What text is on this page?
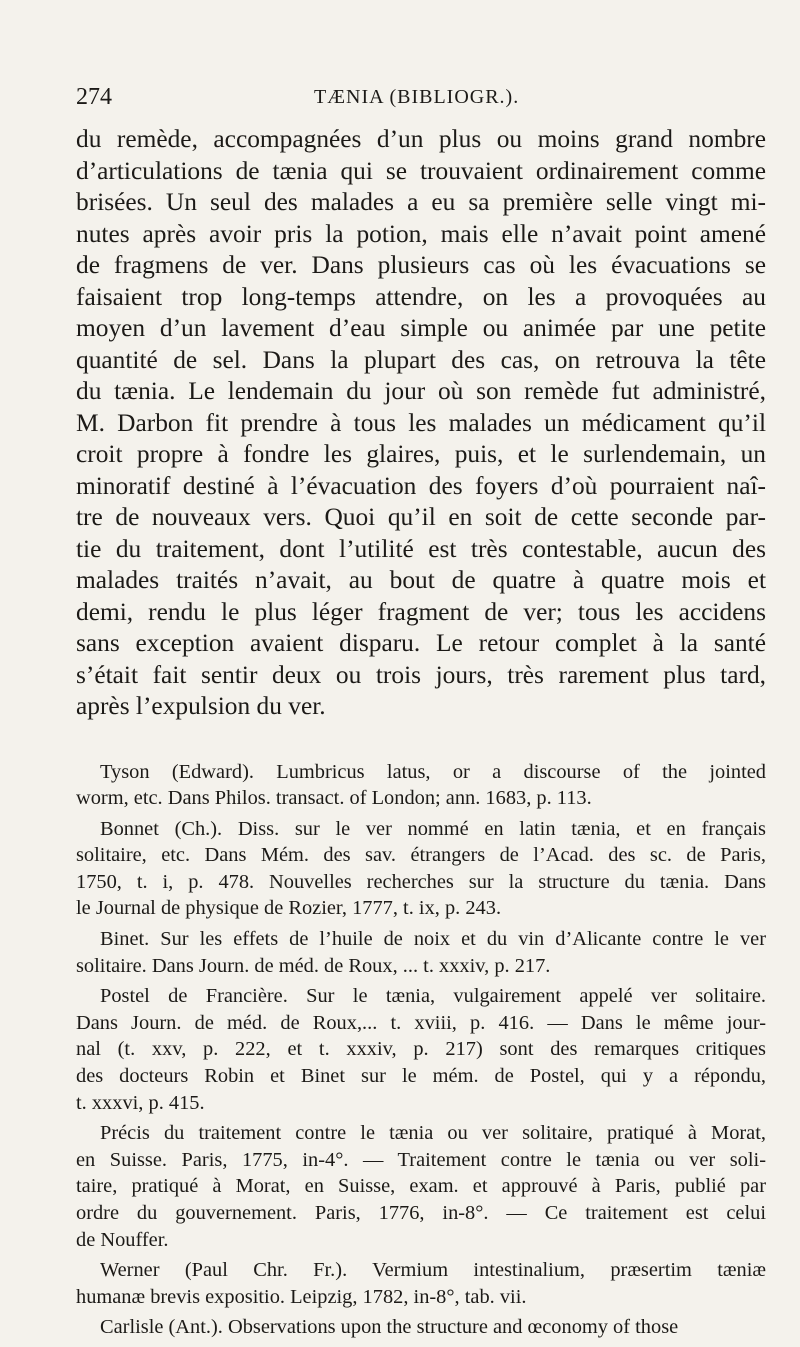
274	TÆNIA (BIBLIOGR.).
du remède, accompagnées d’un plus ou moins grand nombre
d’articulations de tænia qui se trouvaient ordinairement comme
brisées. Un seul des malades a eu sa première selle vingt mi-
nutes après avoir pris la potion, mais elle n’avait point amené
de fragmens de ver. Dans plusieurs cas où les évacuations se
faisaient trop long-temps attendre, on les a provoquées au
moyen d’un lavement d’eau simple ou animée par une petite
quantité de sel. Dans la plupart des cas, on retrouva la tête
du tænia. Le lendemain du jour où son remède fut administré,
M. Darbon fit prendre à tous les malades un médicament qu’il
croit propre à fondre les glaires, puis, et le surlendemain, un
minoratif destiné à l’évacuation des foyers d’où pourraient naî-
tre de nouveaux vers. Quoi qu’il en soit de cette seconde par-
tie du traitement, dont l’utilité est très contestable, aucun des
malades traités n’avait, au bout de quatre à quatre mois et
demi, rendu le plus léger fragment de ver; tous les accidens
sans exception avaient disparu. Le retour complet à la santé
s’était fait sentir deux ou trois jours, très rarement plus tard,
après l’expulsion du ver.
Tyson (Edward). Lumbricus latus, or a discourse of the jointed
worm, etc. Dans Philos. transact. of London; ann. 1683, p. 113.
Bonnet (Ch.). Diss. sur le ver nommé en latin tænia, et en français
solitaire, etc. Dans Mém. des sav. étrangers de l’Acad. des sc. de Paris,
1750, t. i, p. 478. Nouvelles recherches sur la structure du tænia. Dans
le Journal de physique de Rozier, 1777, t. ix, p. 243.
Binet. Sur les effets de l’huile de noix et du vin d’Alicante contre le ver
solitaire. Dans Journ. de méd. de Roux, ... t. xxxiv, p. 217.
Postel de Francière. Sur le tænia, vulgairement appelé ver solitaire.
Dans Journ. de méd. de Roux,... t. xviii, p. 416. — Dans le même jour-
nal (t. xxv, p. 222, et t. xxxiv, p. 217) sont des remarques critiques
des docteurs Robin et Binet sur le mém. de Postel, qui y a répondu,
t. xxxvi, p. 415.
Précis du traitement contre le tænia ou ver solitaire, pratiqué à Morat,
en Suisse. Paris, 1775, in-4°. — Traitement contre le tænia ou ver soli-
taire, pratiqué à Morat, en Suisse, exam. et approuvé à Paris, publié par
ordre du gouvernement. Paris, 1776, in-8°. — Ce traitement est celui
de Nouffer.
Werner (Paul Chr. Fr.). Vermium intestinalium, præsertim tæniæ
humanæ brevis expositio. Leipzig, 1782, in-8°, tab. vii.
Carlisle (Ant.). Observations upon the structure and œconomy of those
